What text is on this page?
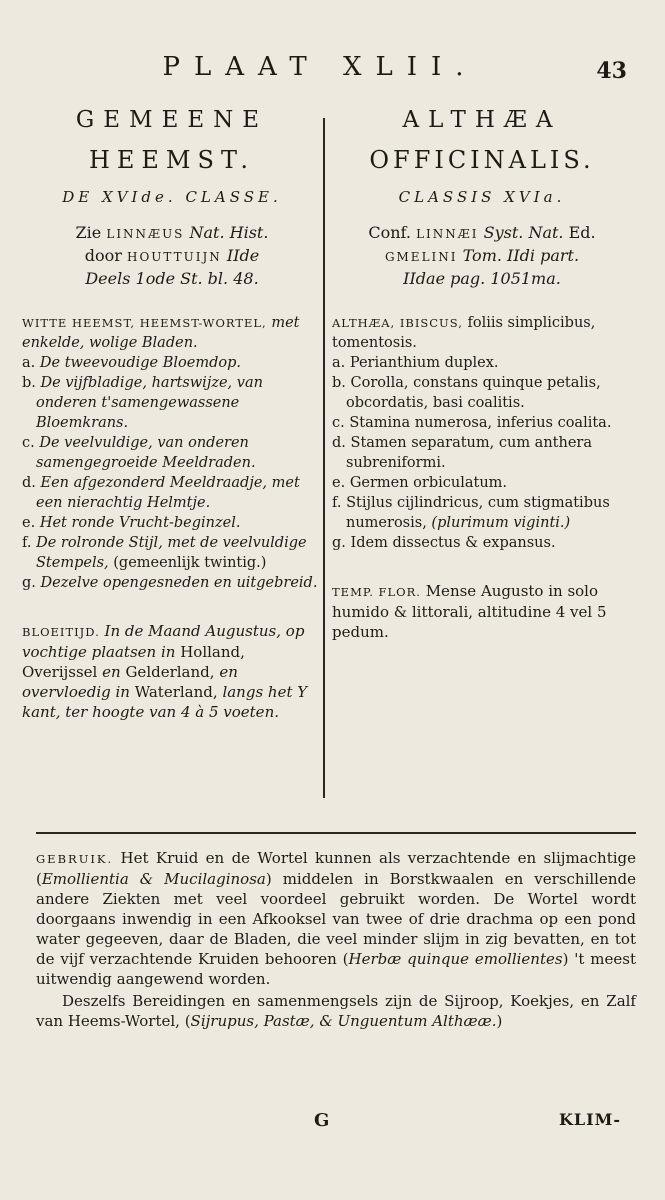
PLAAT XLII.	43
GEMEENE
HEEMST.
DE XVIde. CLASSE.
Zie LINNÆUS Nat. Hist.
door HOUTTUIJN IIde
Deels 1ode St. bl. 48.
WITTE HEEMST, HEEMST-WORTEL, met enkelde, wolige Bladen.
a. De tweevoudige Bloemdop.
b. De vijfbladige, hartswijze, van onderen t'samengewassene Bloemkrans.
c. De veelvuldige, van onderen samengegroeide Meeldraden.
d. Een afgezonderd Meeldraadje, met een nierachtig Helmtje.
e. Het ronde Vrucht-beginzel.
f. De rolronde Stijl, met de veelvuldige Stempels, (gemeenlijk twintig.)
g. Dezelve opengesneden en uitgebreid.
BLOEITIJD. In de Maand Augustus, op vochtige plaatsen in Holland, Overijssel en Gelderland, en overvloedig in Waterland, langs het Y kant, ter hoogte van 4 à 5 voeten.
ALTHÆA
OFFICINALIS.
CLASSIS XVIa.
Conf. LINNÆI Syst. Nat. Ed.
GMELINI Tom. IIdi part.
IIdae pag. 1051ma.
ALTHÆA, IBISCUS, foliis simplicibus, tomentosis.
a. Perianthium duplex.
b. Corolla, constans quinque petalis, obcordatis, basi coalitis.
c. Stamina numerosa, inferius coalita.
d. Stamen separatum, cum anthera subreniformi.
e. Germen orbiculatum.
f. Stijlus cijlindricus, cum stigmatibus numerosis, (plurimum viginti.)
g. Idem dissectus & expansus.
TEMP. FLOR. Mense Augusto in solo humido & littorali, altitudine 4 vel 5 pedum.

GEBRUIK. Het Kruid en de Wortel kunnen als verzachtende en slijmachtige (Emollientia & Mucilaginosa) middelen in Borstkwaalen en verschillende andere Ziekten met veel voordeel gebruikt worden. De Wortel wordt doorgaans inwendig in een Afkooksel van twee of drie drachma op een pond water gegeeven, daar de Bladen, die veel minder slijm in zig bevatten, en tot de vijf verzachtende Kruiden behooren (Herbæ quinque emollientes) 't meest uitwendig aangewend worden.

Deszelfs Bereidingen en samenmengsels zijn de Sijroop, Koekjes, en Zalf van Heems-Wortel, (Sijrupus, Pastæ, & Unguentum Althææ.)

G	KLIM-
